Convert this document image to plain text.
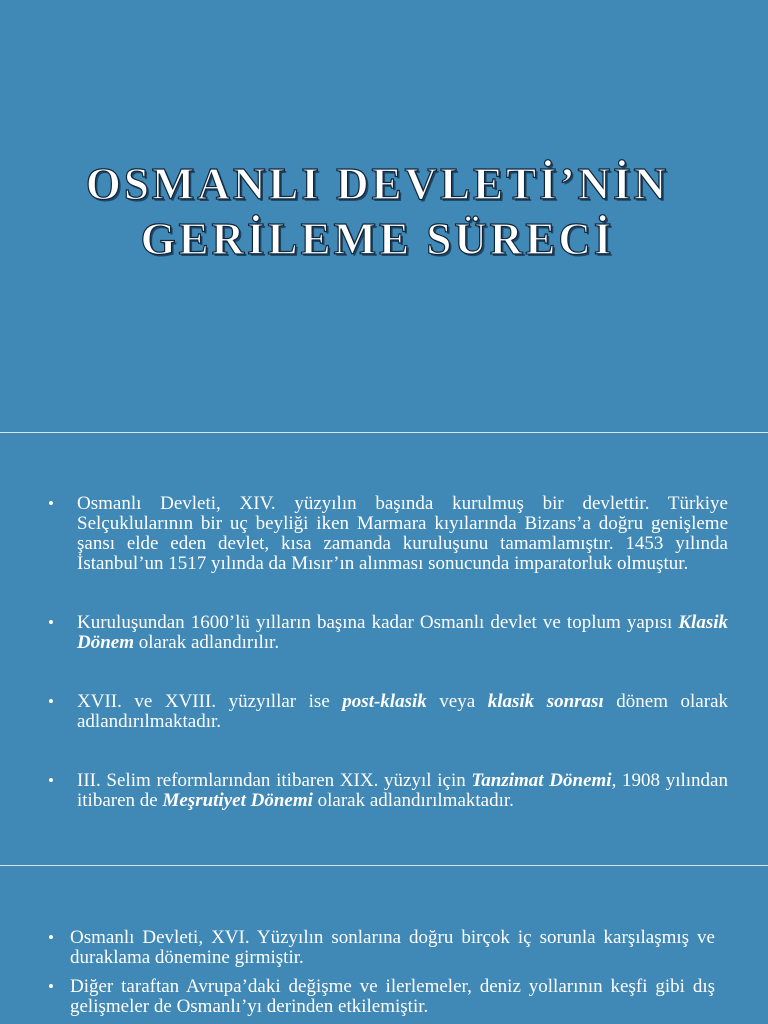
OSMANLI DEVLETİ’NİN
GERİLEME SÜRECİ
• Osmanlı Devleti, XIV. yüzyılın başında kurulmuş bir devlettir. Türkiye Selçuklularının bir uç beyliği iken Marmara kıyılarında Bizans’a doğru genişleme şansı elde eden devlet, kısa zamanda kuruluşunu tamamlamıştır. 1453 yılında İstanbul’un 1517 yılında da Mısır’ın alınması sonucunda imparatorluk olmuştur.

• Kuruluşundan 1600’lü yılların başına kadar Osmanlı devlet ve toplum yapısı Klasik Dönem olarak adlandırılır.

• XVII. ve XVIII. yüzyıllar ise post-klasik veya klasik sonrası dönem olarak adlandırılmaktadır.

• III. Selim reformlarından itibaren XIX. yüzyıl için Tanzimat Dönemi, 1908 yılından itibaren de Meşrutiyet Dönemi olarak adlandırılmaktadır.

• Osmanlı Devleti, XVI. Yüzyılın sonlarına doğru birçok iç sorunla karşılaşmış ve duraklama dönemine girmiştir.

• Diğer taraftan Avrupa’daki değişme ve ilerlemeler, deniz yollarının keşfi gibi dış gelişmeler de Osmanlı’yı derinden etkilemiştir.
